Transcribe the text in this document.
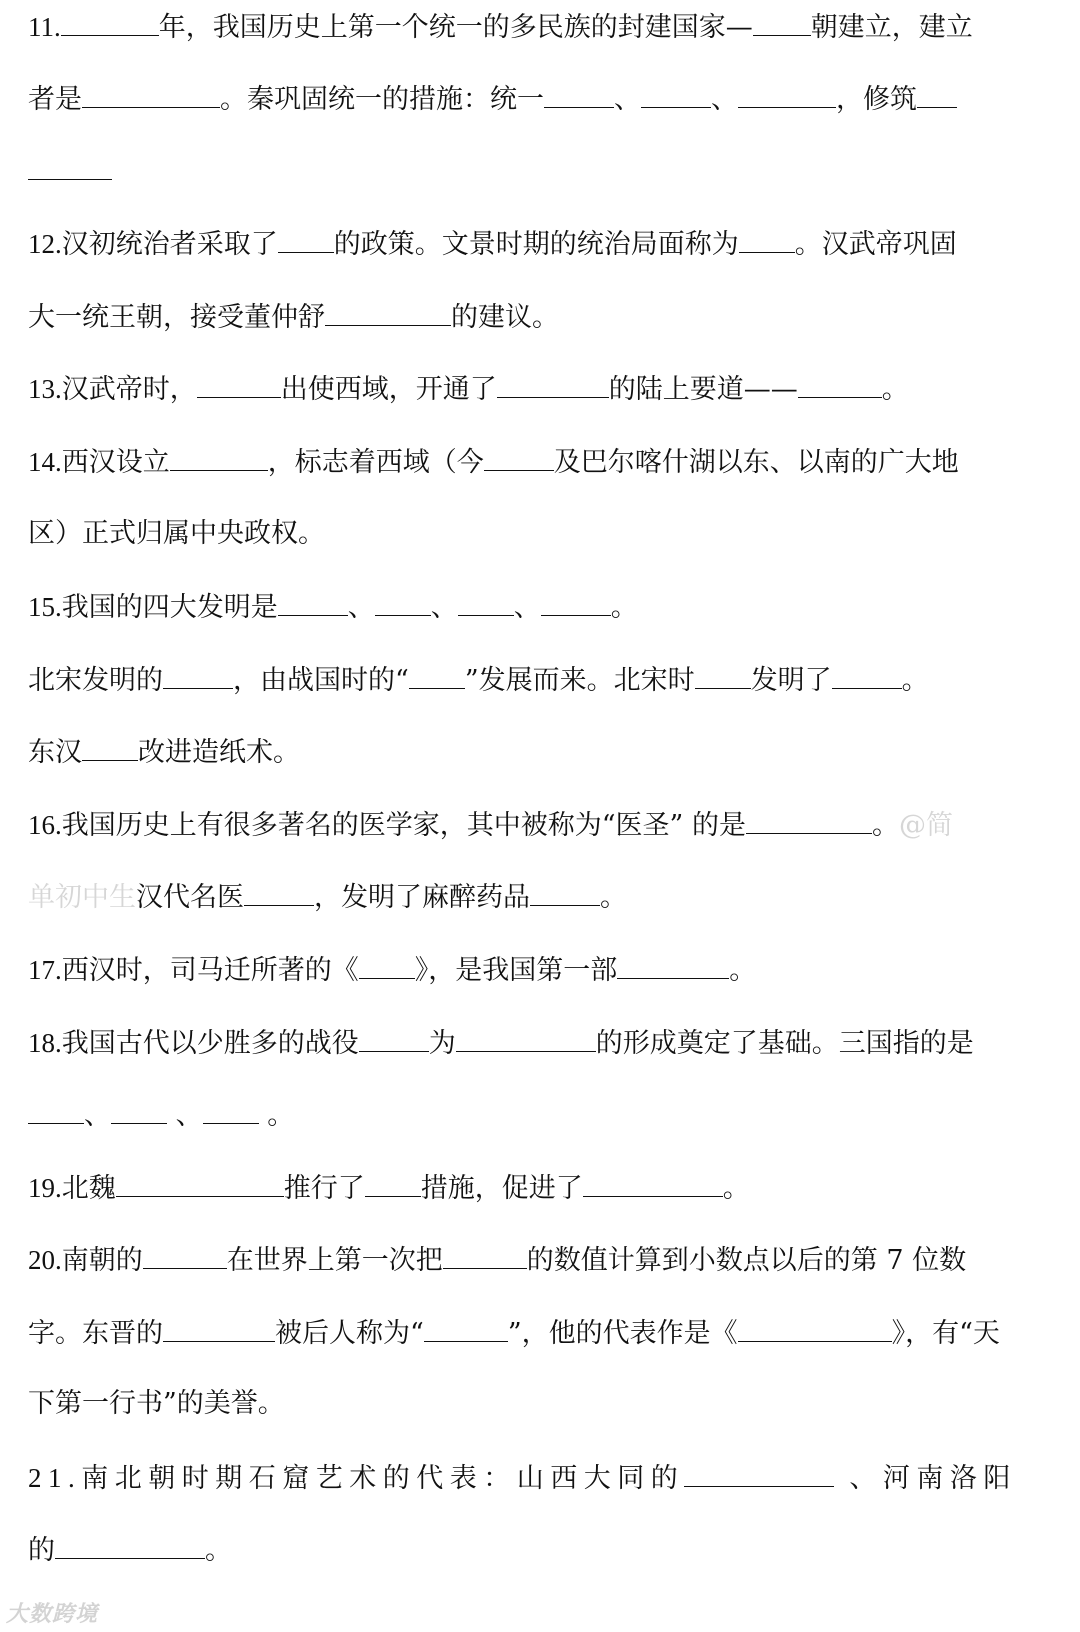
11.	年，我国历史上第一个统一的多民族的封建国家— 朝建立，建立
者是	。秦巩固统一的措施：统一	、	、	，修筑
12.汉初统治者采取了 的政策。文景时期的统治局面称为 。汉武帝巩固
大一统王朝，接受董仲舒	的建议。
13.汉武帝时，	出使西域，开通了	的陆上要道——	。
14.西汉设立	，标志着西域（今	及巴尔喀什湖以东、以南的广大地
区）正式归属中央政权。
15.我国的四大发明是	、 、 、	。
北宋发明的	，由战国时的“ ”发展而来。北宋时 发明了	。
东汉 改进造纸术。
16.我国历史上有很多著名的医学家，其中被称为“医圣” 的是	。@简
单初中生汉代名医	，发明了麻醉药品	。
17.西汉时，司马迁所著的《 》，是我国第一部	。
18.我国古代以少胜多的战役	为	的形成奠定了基础。三国指的是
、 、 。
19.北魏	推行了 措施，促进了	。
20.南朝的	在世界上第一次把	的数值计算到小数点以后的第 7 位数
字。东晋的	被后人称为“	”，他的代表作是《	》，有“天
下第一行书”的美誉。
21.南北朝时期石窟艺术的代表：山西大同的	、河南洛阳
的	。
大数跨境
